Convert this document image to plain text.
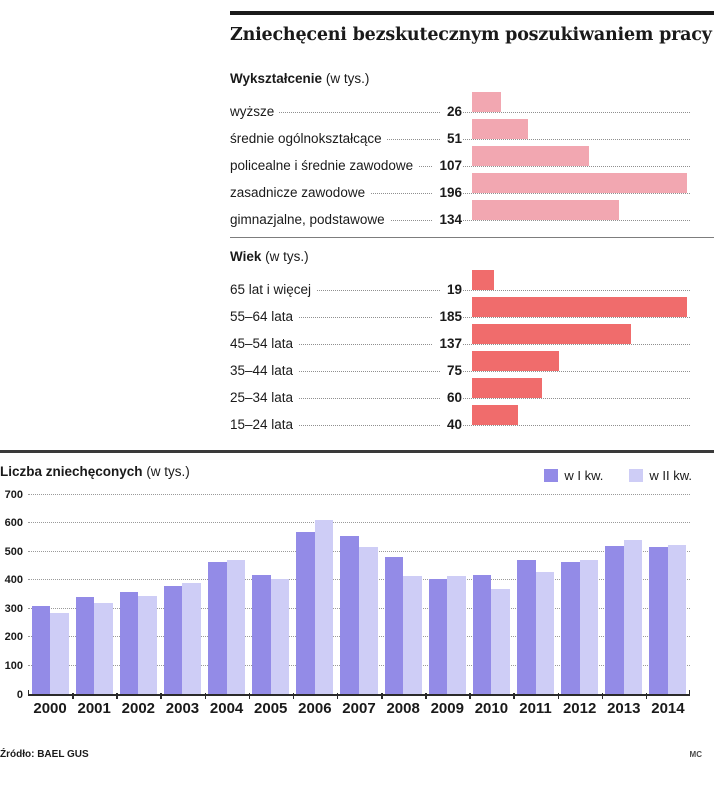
Zniechęceni bezskutecznym poszukiwaniem pracy
Wykształcenie (w tys.)
wyższe	26
średnie ogólnokształcące	51
policealne i średnie zawodowe	107
zasadnicze zawodowe	196
gimnazjalne, podstawowe	134
Wiek (w tys.)
65 lat i więcej	19
55–64 lata	185
45–54 lata	137
35–44 lata	75
25–34 lata	60
15–24 lata	40
Liczba zniechęconych (w tys.)	w I kw.	w II kw.
0
100
200
300
400
500
600
700
2000 2001 2002 2003 2004 2005 2006 2007 2008 2009 2010 2011 2012 2013 2014
Źródło: BAEL GUS	MC
